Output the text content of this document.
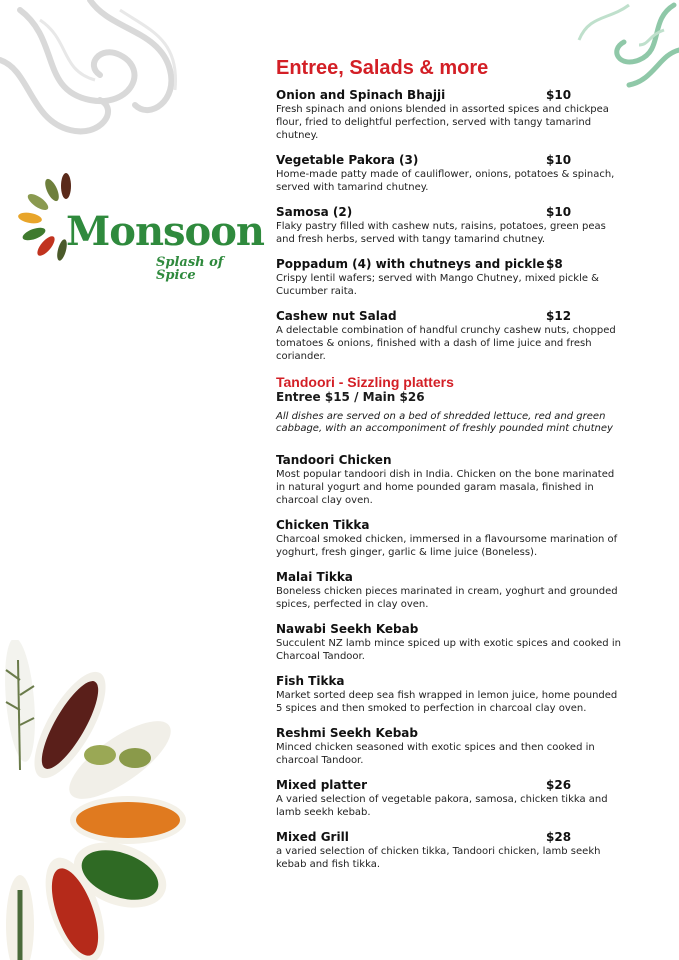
Monsoon
Splash of Spice
Entree, Salads & more
Onion and Spinach Bhajji	$10
Fresh spinach and onions blended in assorted spices and chickpea flour, fried to delightful perfection, served with tangy tamarind chutney.
Vegetable Pakora (3)	$10
Home-made patty made of cauliflower, onions, potatoes & spinach, served with tamarind chutney.
Samosa (2)	$10
Flaky pastry filled with cashew nuts, raisins, potatoes, green peas and fresh herbs, served with tangy tamarind chutney.
Poppadum (4) with chutneys and pickle $8
Crispy lentil wafers; served with Mango Chutney, mixed pickle & Cucumber raita.
Cashew nut Salad	$12
A delectable combination of handful crunchy cashew nuts, chopped tomatoes & onions, finished with a dash of lime juice and fresh coriander.
Tandoori - Sizzling platters
Entree $15 / Main $26
All dishes are served on a bed of shredded lettuce, red and green cabbage, with an accomponiment of freshly pounded mint chutney
Tandoori Chicken
Most popular tandoori dish in India. Chicken on the bone marinated in natural yogurt and home pounded garam masala, finished in charcoal clay oven.
Chicken Tikka
Charcoal smoked chicken, immersed in a flavoursome marination of yoghurt, fresh ginger, garlic & lime juice (Boneless).
Malai Tikka
Boneless chicken pieces marinated in cream, yoghurt and grounded spices, perfected in clay oven.
Nawabi Seekh Kebab
Succulent NZ lamb mince spiced up with exotic spices and cooked in Charcoal Tandoor.
Fish Tikka
Market sorted deep sea fish wrapped in lemon juice, home pounded 5 spices and then smoked to perfection in charcoal clay oven.
Reshmi Seekh Kebab
Minced chicken seasoned with exotic spices and then cooked in charcoal Tandoor.
Mixed platter	$26
A varied selection of vegetable pakora, samosa, chicken tikka and lamb seekh kebab.
Mixed Grill	$28
a varied selection of chicken tikka, Tandoori chicken, lamb seekh kebab and fish tikka.
